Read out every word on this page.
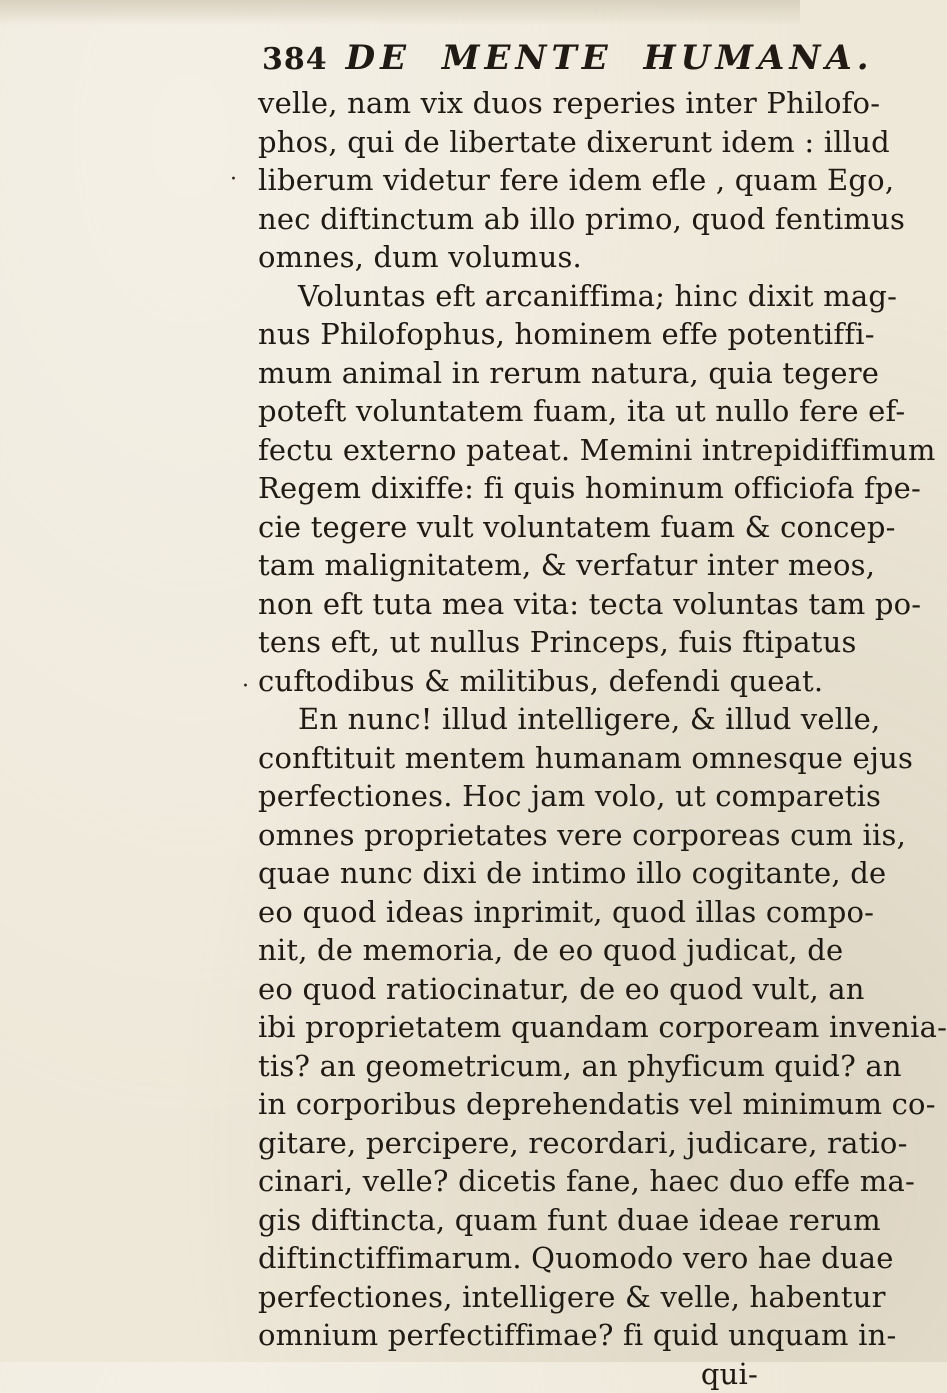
384 DE MENTE HUMANA.
·
·
velle, nam vix duos reperies inter Philofo-
phos, qui de libertate dixerunt idem : illud
liberum videtur fere idem efle , quam Ego,
nec diftinctum ab illo primo, quod fentimus
omnes, dum volumus.
Voluntas eft arcaniffima; hinc dixit mag-
nus Philofophus, hominem effe potentiffi-
mum animal in rerum natura, quia tegere
poteft voluntatem fuam, ita ut nullo fere ef-
fectu externo pateat. Memini intrepidiffimum
Regem dixiffe: fi quis hominum officiofa fpe-
cie tegere vult voluntatem fuam & concep-
tam malignitatem, & verfatur inter meos,
non eft tuta mea vita: tecta voluntas tam po-
tens eft, ut nullus Princeps, fuis ftipatus
cuftodibus & militibus, defendi queat.
En nunc! illud intelligere, & illud velle,
conftituit mentem humanam omnesque ejus
perfectiones. Hoc jam volo, ut comparetis
omnes proprietates vere corporeas cum iis,
quae nunc dixi de intimo illo cogitante, de
eo quod ideas inprimit, quod illas compo-
nit, de memoria, de eo quod judicat, de
eo quod ratiocinatur, de eo quod vult, an
ibi proprietatem quandam corpoream invenia-
tis? an geometricum, an phyficum quid? an
in corporibus deprehendatis vel minimum co-
gitare, percipere, recordari, judicare, ratio-
cinari, velle? dicetis fane, haec duo effe ma-
gis diftincta, quam funt duae ideae rerum
diftinctiffimarum. Quomodo vero hae duae
perfectiones, intelligere & velle, habentur
omnium perfectiffimae? fi quid unquam in-
qui-
